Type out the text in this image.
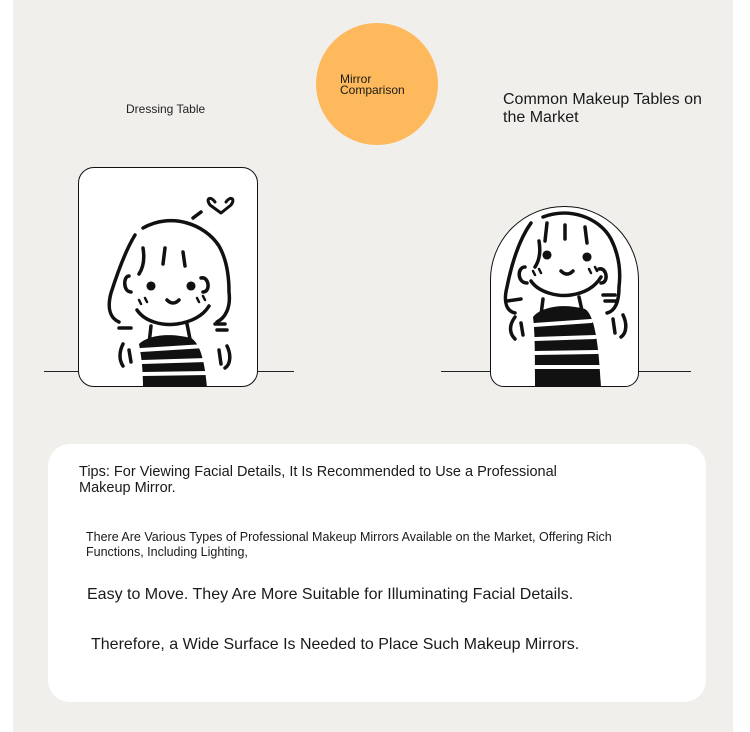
Mirror Comparison
Dressing Table
Common Makeup Tables on the Market
Tips: For Viewing Facial Details, It Is Recommended to Use a Professional Makeup Mirror.
There Are Various Types of Professional Makeup Mirrors Available on the Market, Offering Rich Functions, Including Lighting,
Easy to Move. They Are More Suitable for Illuminating Facial Details.
Therefore, a Wide Surface Is Needed to Place Such Makeup Mirrors.
